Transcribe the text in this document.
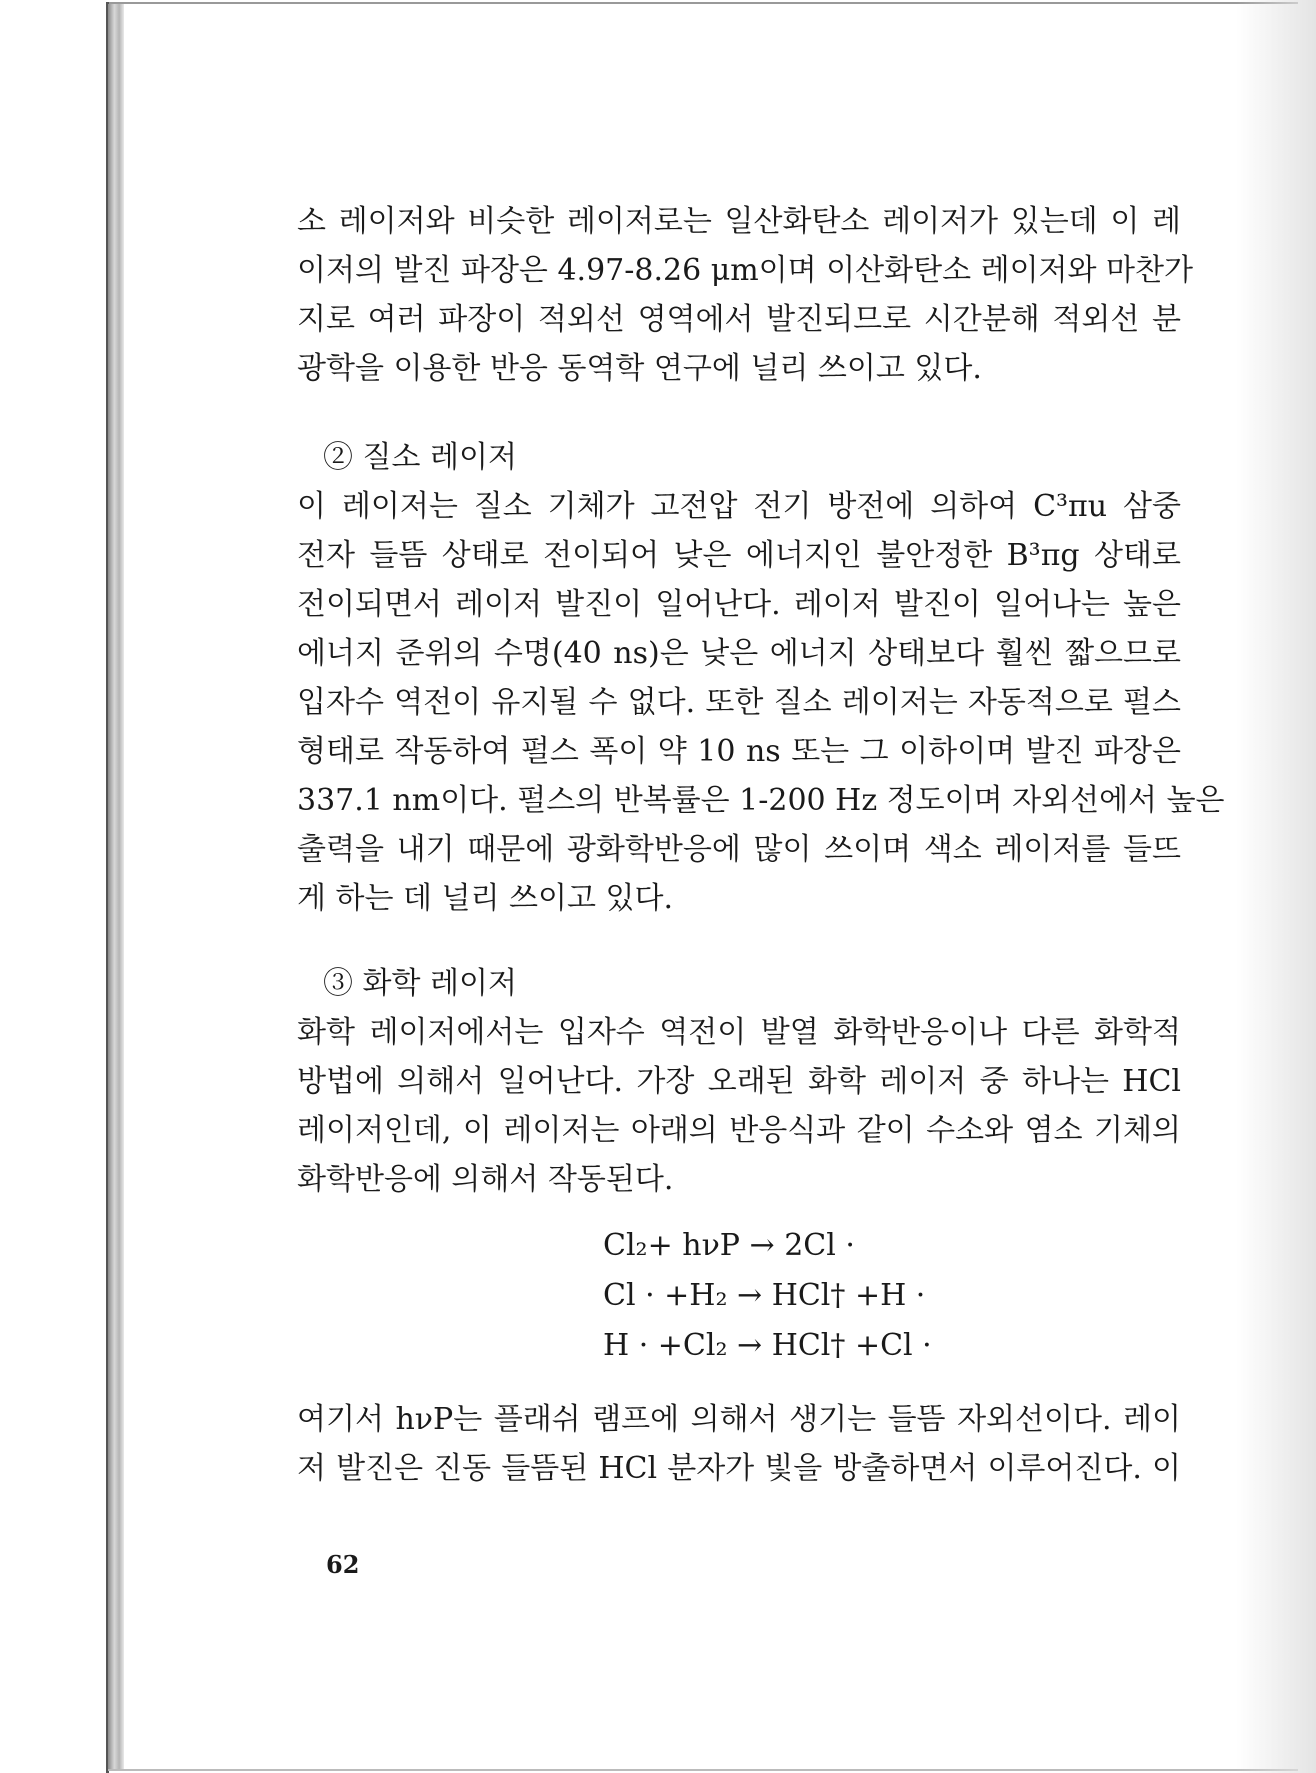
소 레이저와 비슷한 레이저로는 일산화탄소 레이저가 있는데 이 레
이저의 발진 파장은 4.97-8.26 μm이며 이산화탄소 레이저와 마찬가
지로 여러 파장이 적외선 영역에서 발진되므로 시간분해 적외선 분
광학을 이용한 반응 동역학 연구에 널리 쓰이고 있다.
② 질소 레이저
이 레이저는 질소 기체가 고전압 전기 방전에 의하여 C³πu 삼중
전자 들뜸 상태로 전이되어 낮은 에너지인 불안정한 B³πg 상태로
전이되면서 레이저 발진이 일어난다. 레이저 발진이 일어나는 높은
에너지 준위의 수명(40 ns)은 낮은 에너지 상태보다 훨씬 짧으므로
입자수 역전이 유지될 수 없다. 또한 질소 레이저는 자동적으로 펄스
형태로 작동하여 펄스 폭이 약 10 ns 또는 그 이하이며 발진 파장은
337.1 nm이다. 펄스의 반복률은 1-200 Hz 정도이며 자외선에서 높은
출력을 내기 때문에 광화학반응에 많이 쓰이며 색소 레이저를 들뜨
게 하는 데 널리 쓰이고 있다.
③ 화학 레이저
화학 레이저에서는 입자수 역전이 발열 화학반응이나 다른 화학적
방법에 의해서 일어난다. 가장 오래된 화학 레이저 중 하나는 HCl
레이저인데, 이 레이저는 아래의 반응식과 같이 수소와 염소 기체의
화학반응에 의해서 작동된다.
Cl₂+ hνP → 2Cl ·
Cl · +H₂ → HCl† +H ·
H · +Cl₂ → HCl† +Cl ·
여기서 hνP는 플래쉬 램프에 의해서 생기는 들뜸 자외선이다. 레이
저 발진은 진동 들뜸된 HCl 분자가 빛을 방출하면서 이루어진다. 이
62
